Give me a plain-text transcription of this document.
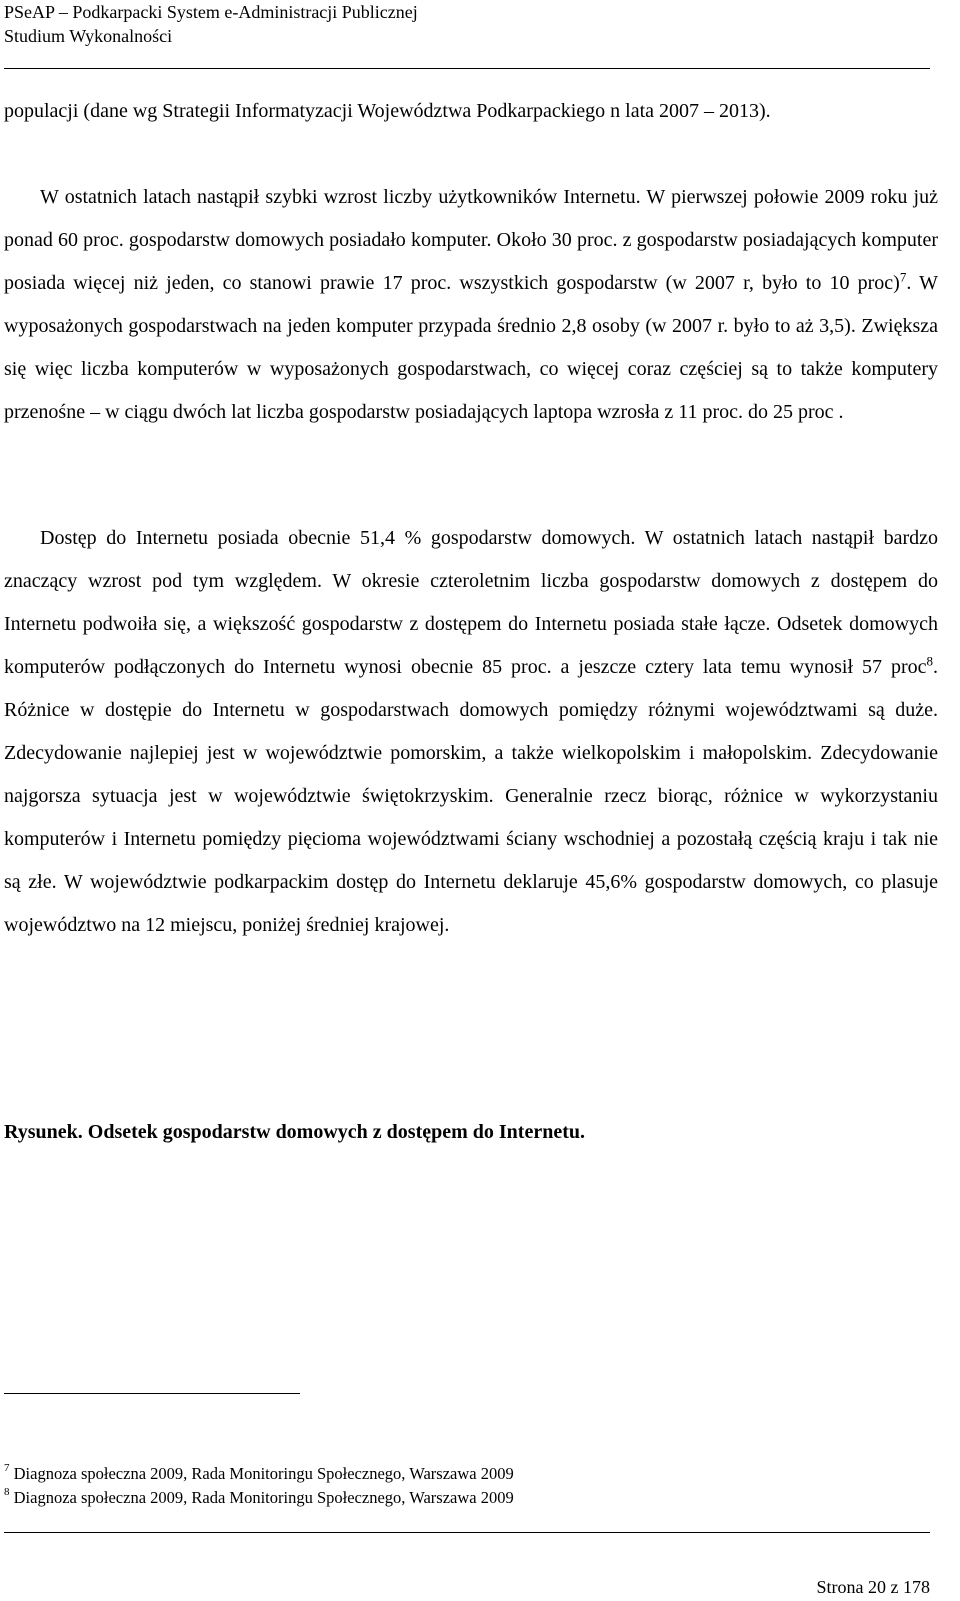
PSeAP – Podkarpacki System e-Administracji Publicznej
Studium Wykonalności

populacji (dane wg Strategii Informatyzacji Województwa Podkarpackiego n lata 2007 – 2013).

W ostatnich latach nastąpił szybki wzrost liczby użytkowników Internetu. W pierwszej połowie 2009 roku już ponad 60 proc. gospodarstw domowych posiadało komputer. Około 30 proc. z gospodarstw posiadających komputer posiada więcej niż jeden, co stanowi prawie 17 proc. wszystkich gospodarstw (w 2007 r, było to 10 proc)$^7$. W wyposażonych gospodarstwach na jeden komputer przypada średnio 2,8 osoby (w 2007 r. było to aż 3,5). Zwiększa się więc liczba komputerów w wyposażonych gospodarstwach, co więcej coraz częściej są to także komputery przenośne – w ciągu dwóch lat liczba gospodarstw posiadających laptopa wzrosła z 11 proc. do 25 proc .

Dostęp do Internetu posiada obecnie 51,4 % gospodarstw domowych. W ostatnich latach nastąpił bardzo znaczący wzrost pod tym względem. W okresie czteroletnim liczba gospodarstw domowych z dostępem do Internetu podwoiła się, a większość gospodarstw z dostępem do Internetu posiada stałe łącze. Odsetek domowych komputerów podłączonych do Internetu wynosi obecnie 85 proc. a jeszcze cztery lata temu wynosił 57 proc$^8$. Różnice w dostępie do Internetu w gospodarstwach domowych pomiędzy różnymi województwami są duże. Zdecydowanie najlepiej jest w województwie pomorskim, a także wielkopolskim i małopolskim. Zdecydowanie najgorsza sytuacja jest w województwie świętokrzyskim. Generalnie rzecz biorąc, różnice w wykorzystaniu komputerów i Internetu pomiędzy pięcioma województwami ściany wschodniej a pozostałą częścią kraju i tak nie są złe. W województwie podkarpackim dostęp do Internetu deklaruje 45,6% gospodarstw domowych, co plasuje województwo na 12 miejscu, poniżej średniej krajowej.

Rysunek. Odsetek gospodarstw domowych z dostępem do Internetu.

$^7$ Diagnoza społeczna 2009, Rada Monitoringu Społecznego, Warszawa 2009

$^8$ Diagnoza społeczna 2009, Rada Monitoringu Społecznego, Warszawa 2009

Strona 20 z 178
